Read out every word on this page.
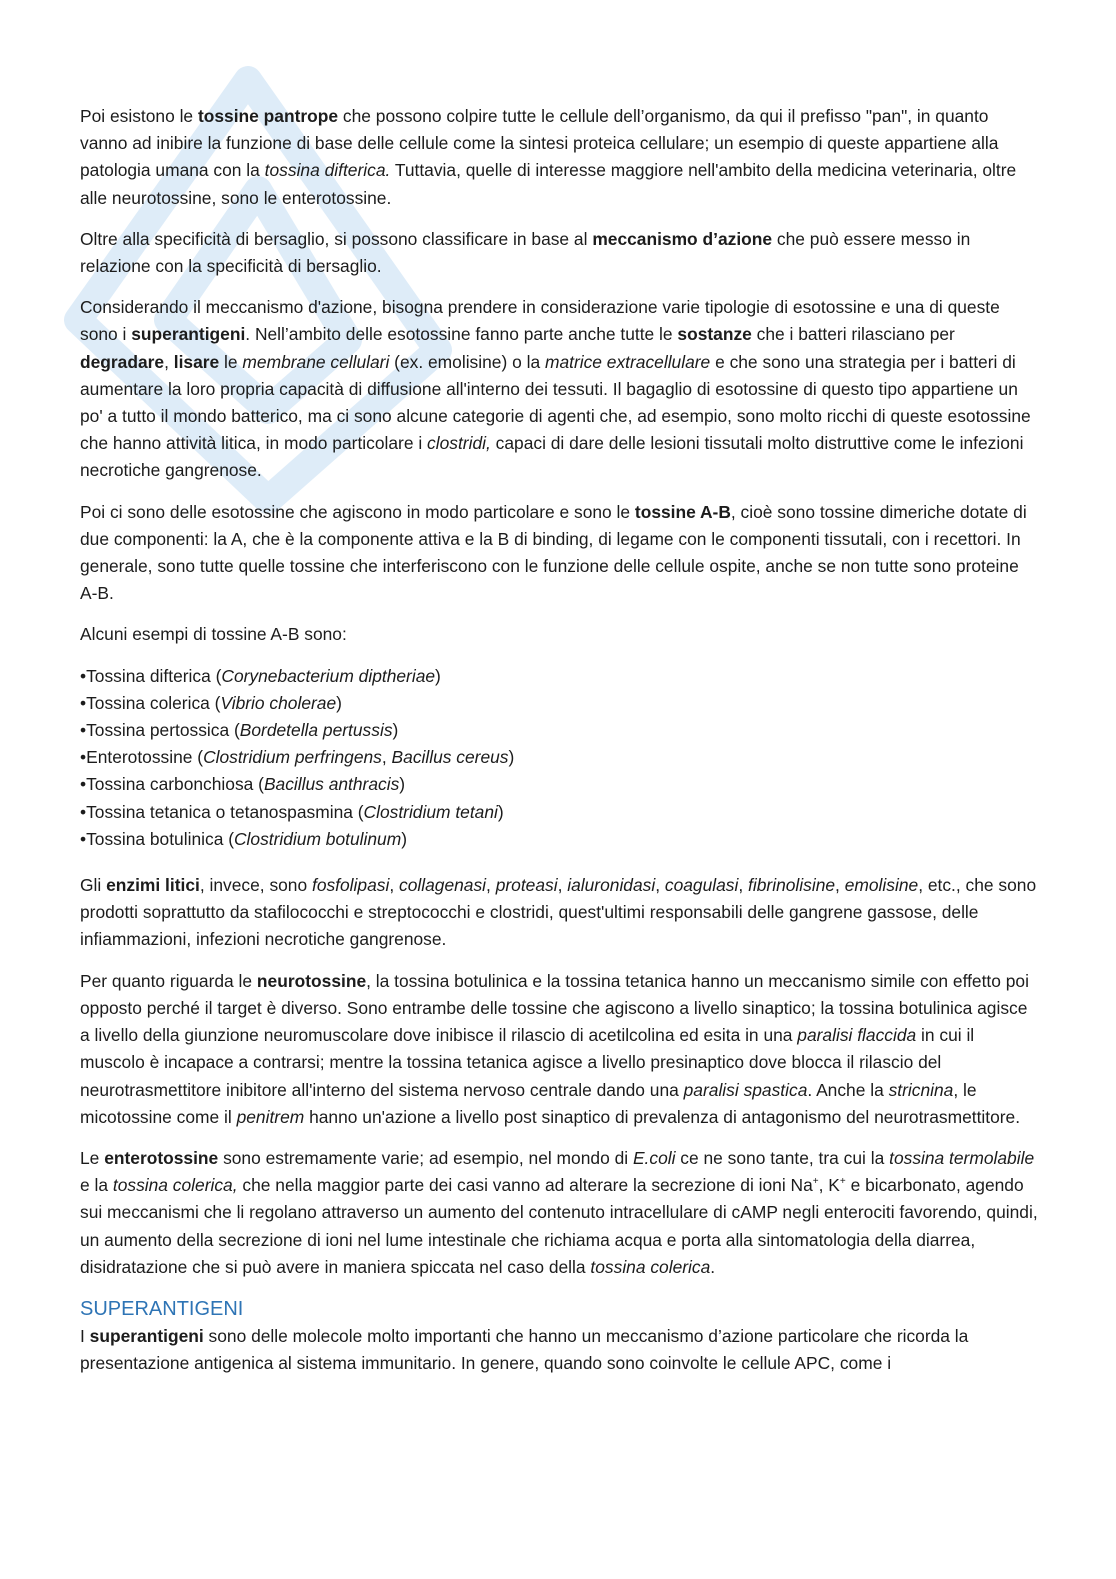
Poi esistono le tossine pantrope che possono colpire tutte le cellule dell’organismo, da qui il prefisso "pan", in quanto vanno ad inibire la funzione di base delle cellule come la sintesi proteica cellulare; un esempio di queste appartiene alla patologia umana con la tossina difterica. Tuttavia, quelle di interesse maggiore nell'ambito della medicina veterinaria, oltre alle neurotossine, sono le enterotossine.

Oltre alla specificità di bersaglio, si possono classificare in base al meccanismo d’azione che può essere messo in relazione con la specificità di bersaglio.

Considerando il meccanismo d'azione, bisogna prendere in considerazione varie tipologie di esotossine e una di queste sono i superantigeni. Nell’ambito delle esotossine fanno parte anche tutte le sostanze che i batteri rilasciano per degradare, lisare le membrane cellulari (ex. emolisine) o la matrice extracellulare e che sono una strategia per i batteri di aumentare la loro propria capacità di diffusione all'interno dei tessuti. Il bagaglio di esotossine di questo tipo appartiene un po' a tutto il mondo batterico, ma ci sono alcune categorie di agenti che, ad esempio, sono molto ricchi di queste esotossine che hanno attività litica, in modo particolare i clostridi, capaci di dare delle lesioni tissutali molto distruttive come le infezioni necrotiche gangrenose.

Poi ci sono delle esotossine che agiscono in modo particolare e sono le tossine A-B, cioè sono tossine dimeriche dotate di due componenti: la A, che è la componente attiva e la B di binding, di legame con le componenti tissutali, con i recettori. In generale, sono tutte quelle tossine che interferiscono con le funzione delle cellule ospite, anche se non tutte sono proteine A-B.

Alcuni esempi di tossine A-B sono:

•Tossina difterica (Corynebacterium diptheriae)
•Tossina colerica (Vibrio cholerae)
•Tossina pertossica (Bordetella pertussis)
•Enterotossine (Clostridium perfringens, Bacillus cereus)
•Tossina carbonchiosa (Bacillus anthracis)
•Tossina tetanica o tetanospasmina (Clostridium tetani)
•Tossina botulinica (Clostridium botulinum)

Gli enzimi litici, invece, sono fosfolipasi, collagenasi, proteasi, ialuronidasi, coagulasi, fibrinolisine, emolisine, etc., che sono prodotti soprattutto da stafilococchi e streptococchi e clostridi, quest'ultimi responsabili delle gangrene gassose, delle infiammazioni, infezioni necrotiche gangrenose.

Per quanto riguarda le neurotossine, la tossina botulinica e la tossina tetanica hanno un meccanismo simile con effetto poi opposto perché il target è diverso. Sono entrambe delle tossine che agiscono a livello sinaptico; la tossina botulinica agisce a livello della giunzione neuromuscolare dove inibisce il rilascio di acetilcolina ed esita in una paralisi flaccida in cui il muscolo è incapace a contrarsi; mentre la tossina tetanica agisce a livello presinaptico dove blocca il rilascio del neurotrasmettitore inibitore all'interno del sistema nervoso centrale dando una paralisi spastica. Anche la stricnina, le micotossine come il penitrem hanno un'azione a livello post sinaptico di prevalenza di antagonismo del neurotrasmettitore.

Le enterotossine sono estremamente varie; ad esempio, nel mondo di E.coli ce ne sono tante, tra cui la tossina termolabile e la tossina colerica, che nella maggior parte dei casi vanno ad alterare la secrezione di ioni Na+, K+ e bicarbonato, agendo sui meccanismi che li regolano attraverso un aumento del contenuto intracellulare di cAMP negli enterociti favorendo, quindi, un aumento della secrezione di ioni nel lume intestinale che richiama acqua e porta alla sintomatologia della diarrea, disidratazione che si può avere in maniera spiccata nel caso della tossina colerica.

SUPERANTIGENI

I superantigeni sono delle molecole molto importanti che hanno un meccanismo d’azione particolare che ricorda la presentazione antigenica al sistema immunitario. In genere, quando sono coinvolte le cellule APC, come i
